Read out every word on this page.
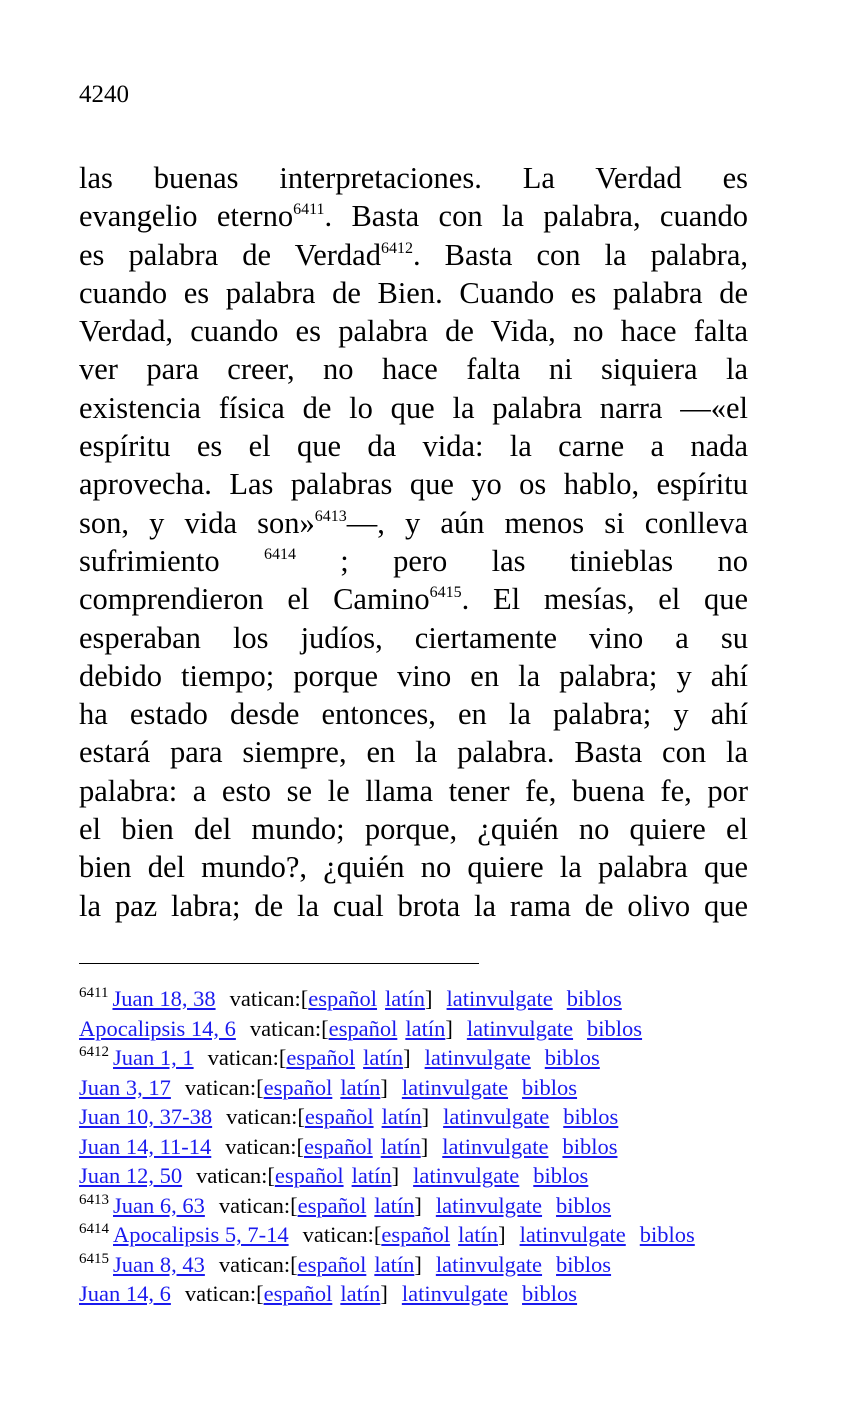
4240
las buenas interpretaciones. La Verdad es
evangelio eterno$^{6411}$. Basta con la palabra, cuando
es palabra de Verdad$^{6412}$. Basta con la palabra,
cuando es palabra de Bien. Cuando es palabra de
Verdad, cuando es palabra de Vida, no hace falta
ver para creer, no hace falta ni siquiera la
existencia física de lo que la palabra narra —«el
espíritu es el que da vida: la carne a nada
aprovecha. Las palabras que yo os hablo, espíritu
son, y vida son»$^{6413}$—, y aún menos si conlleva
sufrimiento $^{6414}$ ; pero las tinieblas no
comprendieron el Camino$^{6415}$. El mesías, el que
esperaban los judíos, ciertamente vino a su
debido tiempo; porque vino en la palabra; y ahí
ha estado desde entonces, en la palabra; y ahí
estará para siempre, en la palabra. Basta con la
palabra: a esto se le llama tener fe, buena fe, por
el bien del mundo; porque, ¿quién no quiere el
bien del mundo?, ¿quién no quiere la palabra que
la paz labra; de la cual brota la rama de olivo que
$^{6411}$ Juan 18, 38 vatican:[español latín] latinvulgate biblos
Apocalipsis 14, 6 vatican:[español latín] latinvulgate biblos
$^{6412}$ Juan 1, 1 vatican:[español latín] latinvulgate biblos
Juan 3, 17 vatican:[español latín] latinvulgate biblos
Juan 10, 37-38 vatican:[español latín] latinvulgate biblos
Juan 14, 11-14 vatican:[español latín] latinvulgate biblos
Juan 12, 50 vatican:[español latín] latinvulgate biblos
$^{6413}$ Juan 6, 63 vatican:[español latín] latinvulgate biblos
$^{6414}$ Apocalipsis 5, 7-14 vatican:[español latín] latinvulgate biblos
$^{6415}$ Juan 8, 43 vatican:[español latín] latinvulgate biblos
Juan 14, 6 vatican:[español latín] latinvulgate biblos
